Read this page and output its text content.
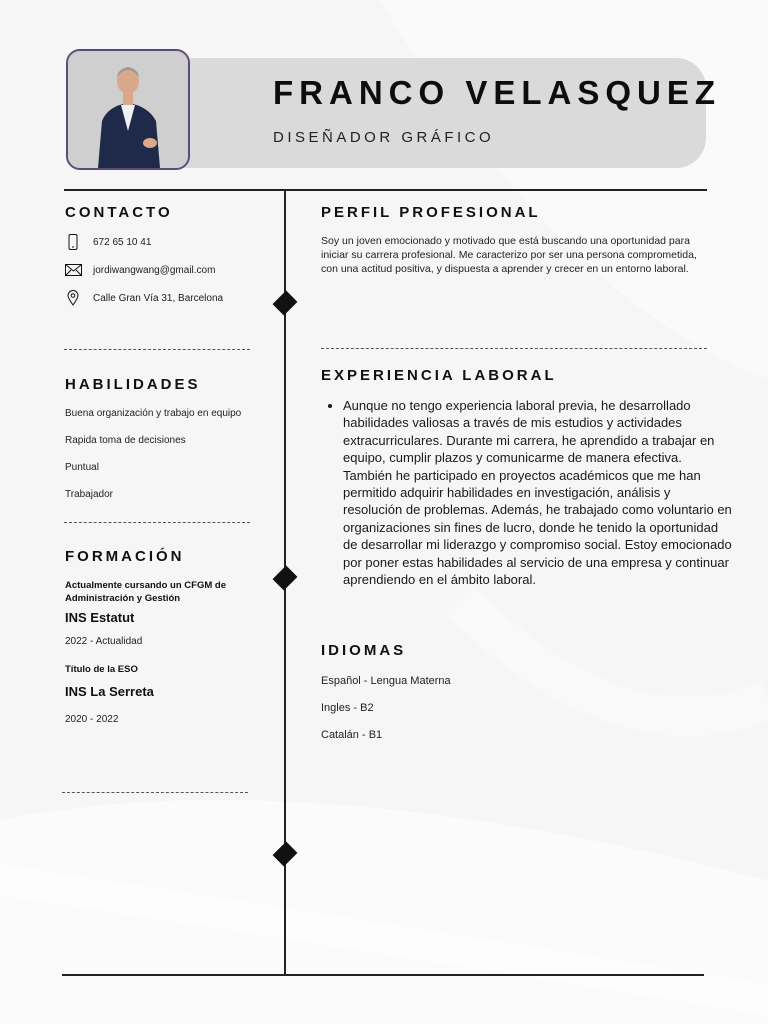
FRANCO VELASQUEZ
DISEÑADOR GRÁFICO
CONTACTO
672 65 10 41
jordiwangwang@gmail.com
Calle Gran Vía 31, Barcelona
HABILIDADES
Buena organización y trabajo en equipo
Rapida toma de decisiones
Puntual
Trabajador
FORMACIÓN
Actualmente cursando un CFGM de Administración y Gestión
INS Estatut
2022 - Actualidad
Título de la ESO
INS La Serreta
2020 - 2022
PERFIL PROFESIONAL
Soy un joven emocionado y motivado que está buscando una oportunidad para iniciar su carrera profesional. Me caracterizo por ser una persona comprometida, con una actitud positiva, y dispuesta a aprender y crecer en un entorno laboral.
EXPERIENCIA LABORAL
• Aunque no tengo experiencia laboral previa, he desarrollado habilidades valiosas a través de mis estudios y actividades extracurriculares. Durante mi carrera, he aprendido a trabajar en equipo, cumplir plazos y comunicarme de manera efectiva. También he participado en proyectos académicos que me han permitido adquirir habilidades en investigación, análisis y resolución de problemas. Además, he trabajado como voluntario en organizaciones sin fines de lucro, donde he tenido la oportunidad de desarrollar mi liderazgo y compromiso social. Estoy emocionado por poner estas habilidades al servicio de una empresa y continuar aprendiendo en el ámbito laboral.
IDIOMAS
Español - Lengua Materna
Ingles - B2
Catalán - B1
